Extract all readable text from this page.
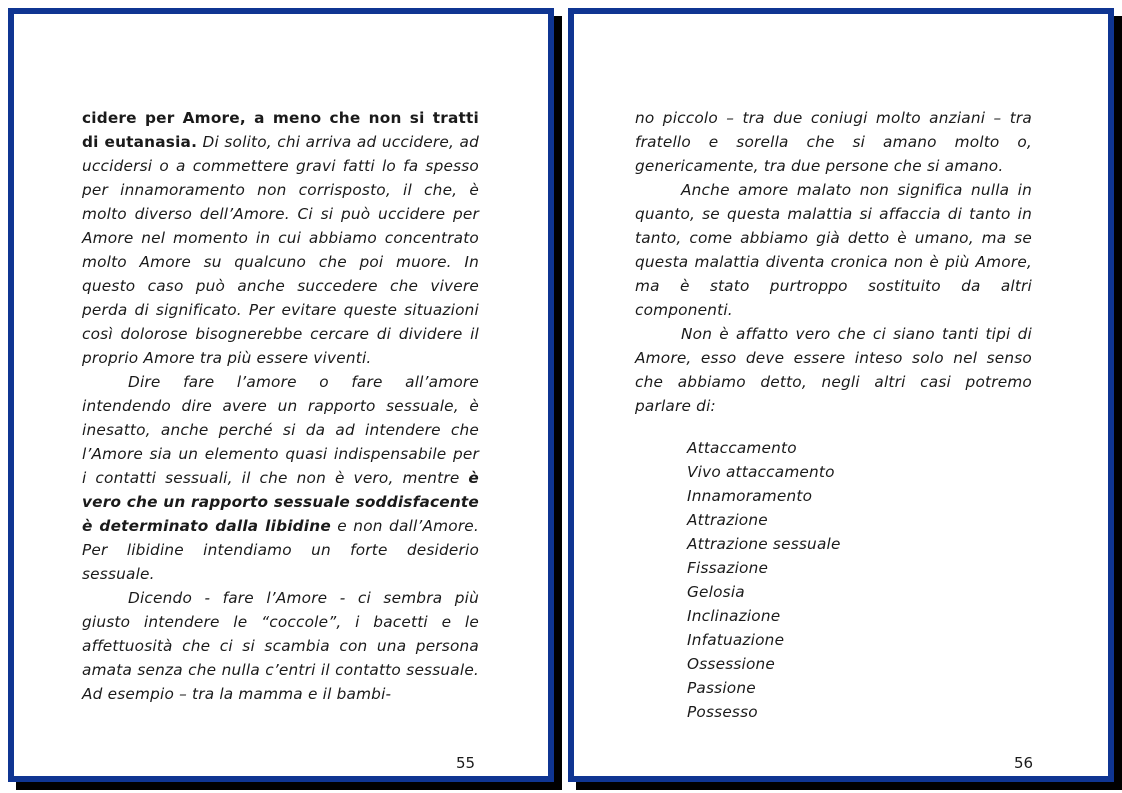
cidere per Amore, a meno che non si tratti di eutanasia. Di solito, chi arriva ad uccidere, ad uccidersi o a commettere gravi fatti lo fa spesso per innamoramento non corrisposto, il che, è molto diverso dell’Amore. Ci si può uccidere per Amore nel momento in cui abbiamo concentrato molto Amore su qualcuno che poi muore. In questo caso può anche succedere che vivere perda di significato. Per evitare queste situazioni così dolorose bisognerebbe cercare di dividere il proprio Amore tra più essere viventi.

Dire fare l’amore o fare all’amore intendendo dire avere un rapporto sessuale, è inesatto, anche perché si da ad intendere che l’Amore sia un elemento quasi indispensabile per i contatti sessuali, il che non è vero, mentre è vero che un rapporto sessuale soddisfacente è determinato dalla libidine e non dall’Amore. Per libidine intendiamo un forte desiderio sessuale.

Dicendo - fare l’Amore - ci sembra più giusto intendere le “coccole”, i bacetti e le affettuosità che ci si scambia con una persona amata senza che nulla c’entri il contatto sessuale. Ad esempio – tra la mamma e il bambi-

55

no piccolo – tra due coniugi molto anziani – tra fratello e sorella che si amano molto o, genericamente, tra due persone che si amano.

Anche amore malato non significa nulla in quanto, se questa malattia si affaccia di tanto in tanto, come abbiamo già detto è umano, ma se questa malattia diventa cronica non è più Amore, ma è stato purtroppo sostituito da altri componenti.

Non è affatto vero che ci siano tanti tipi di Amore, esso deve essere inteso solo nel senso che abbiamo detto, negli altri casi potremo parlare di:

Attaccamento
Vivo attaccamento
Innamoramento
Attrazione
Attrazione sessuale
Fissazione
Gelosia
Inclinazione
Infatuazione
Ossessione
Passione
Possesso
56
